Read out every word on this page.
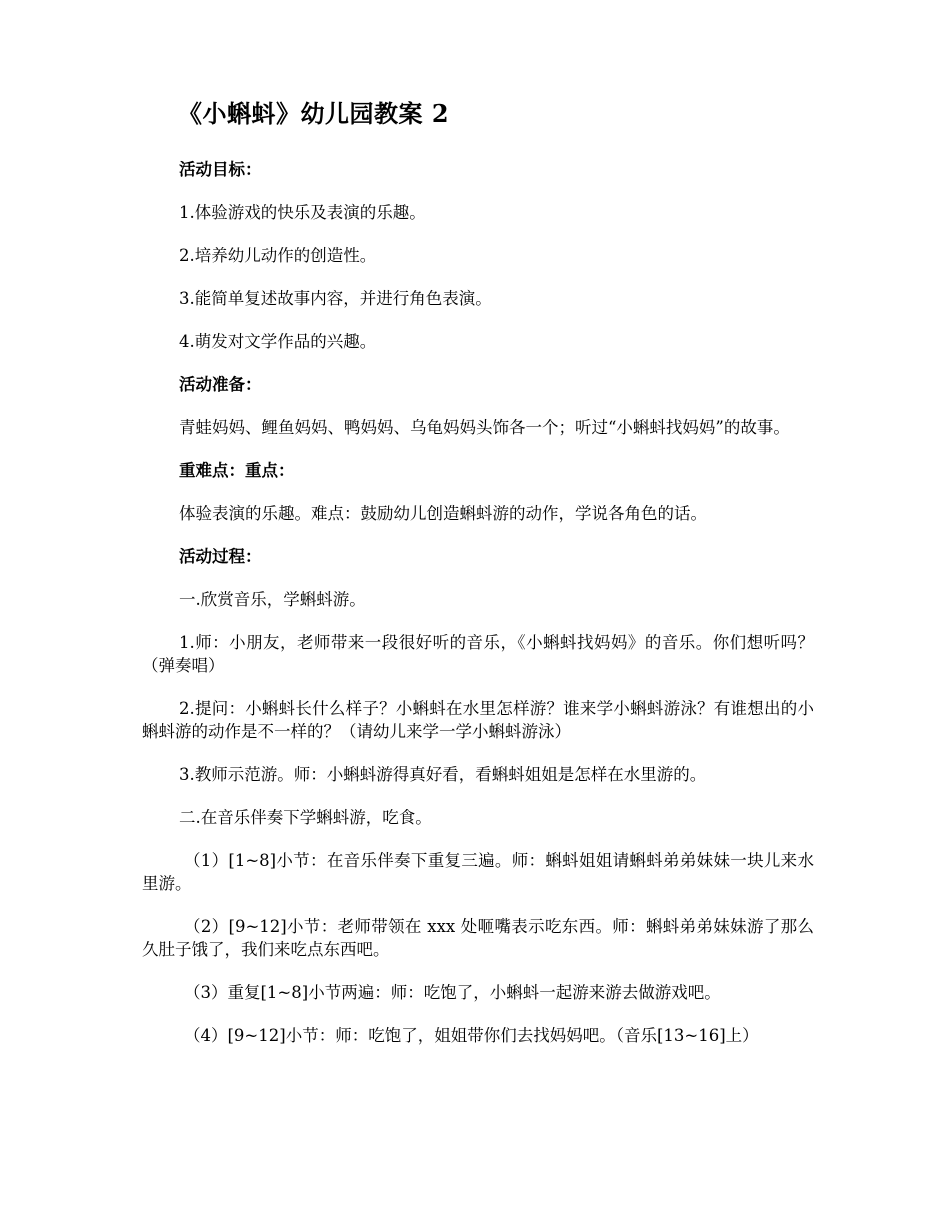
《小蝌蚪》幼儿园教案 2

活动目标：

1.体验游戏的快乐及表演的乐趣。

2.培养幼儿动作的创造性。

3.能简单复述故事内容，并进行角色表演。

4.萌发对文学作品的兴趣。

活动准备：

青蛙妈妈、鲤鱼妈妈、鸭妈妈、乌龟妈妈头饰各一个；听过“小蝌蚪找妈妈”的故事。

重难点：重点：

体验表演的乐趣。难点：鼓励幼儿创造蝌蚪游的动作，学说各角色的话。

活动过程：

一.欣赏音乐，学蝌蚪游。

1.师：小朋友，老师带来一段很好听的音乐，《小蝌蚪找妈妈》的音乐。你们想听吗？（弹奏唱）

2.提问：小蝌蚪长什么样子？小蝌蚪在水里怎样游？谁来学小蝌蚪游泳？有谁想出的小蝌蚪游的动作是不一样的？（请幼儿来学一学小蝌蚪游泳）

3.教师示范游。师：小蝌蚪游得真好看，看蝌蚪姐姐是怎样在水里游的。

二.在音乐伴奏下学蝌蚪游，吃食。

（1）[1~8]小节：在音乐伴奏下重复三遍。师：蝌蚪姐姐请蝌蚪弟弟妹妹一块儿来水里游。

（2）[9~12]小节：老师带领在 xxx 处咂嘴表示吃东西。师：蝌蚪弟弟妹妹游了那么久肚子饿了，我们来吃点东西吧。

（3）重复[1~8]小节两遍：师：吃饱了，小蝌蚪一起游来游去做游戏吧。

（4）[9~12]小节：师：吃饱了，姐姐带你们去找妈妈吧。（音乐[13~16]上）
